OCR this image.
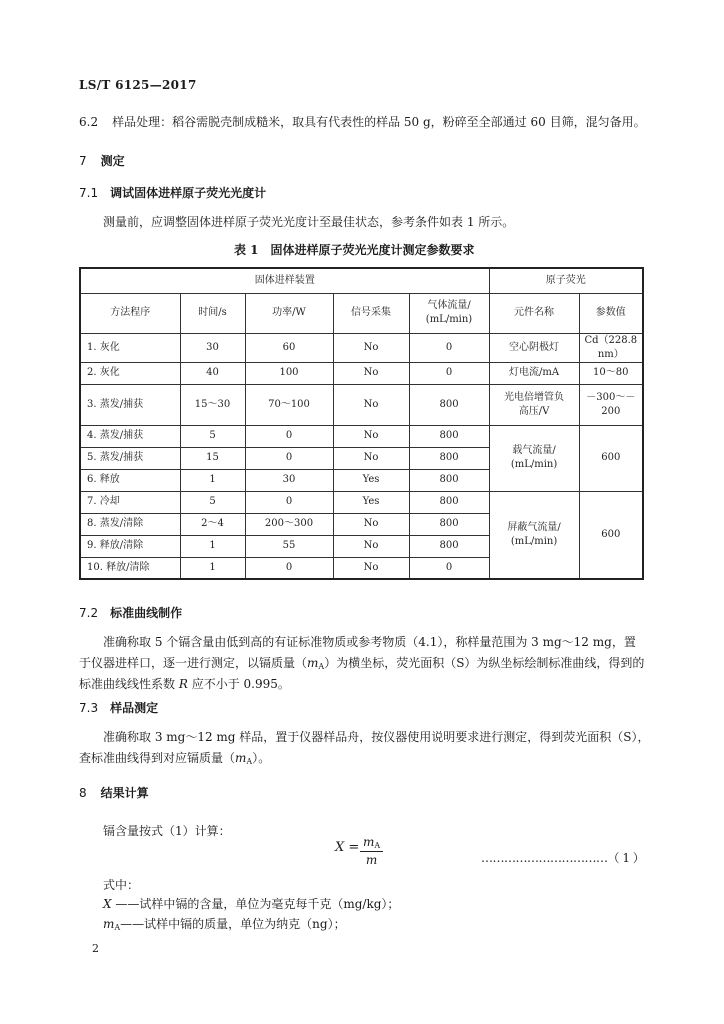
LS/T 6125—2017
6.2 样品处理：稻谷需脱壳制成糙米，取具有代表性的样品 50 g，粉碎至全部通过 60 目筛，混匀备用。
7 测定
7.1 调试固体进样原子荧光光度计
测量前，应调整固体进样原子荧光光度计至最佳状态，参考条件如表 1 所示。
表 1　固体进样原子荧光光度计测定参数要求
固体进样装置					原子荧光	
方法程序	时间/s	功率/W	信号采集	气体流量/
(mL/min)	元件名称	参数值
1. 灰化	30	60	No	0	空心阴极灯	Cd（228.8 nm）
2. 灰化	40	100	No	0	灯电流/mA	10～80
3. 蒸发/捕获	15～30	70～100	No	800	光电倍增管负
高压/V	－300～－200
4. 蒸发/捕获	5	0	No	800	载气流量/
(mL/min)	600
5. 蒸发/捕获	15	0	No	800		
6. 释放	1	30	Yes	800		
7. 冷却	5	0	Yes	800	屏蔽气流量/
(mL/min)	600
8. 蒸发/清除	2～4	200～300	No	800		
9. 释放/清除	1	55	No	800		
10. 释放/清除	1	0	No	0		
7.2 标准曲线制作
准确称取 5 个镉含量由低到高的有证标准物质或参考物质（4.1），称样量范围为 3 mg～12 mg，置
于仪器进样口，逐一进行测定，以镉质量$(m_A)$为横坐标，荧光面积（S）为纵坐标绘制标准曲线，得到的
标准曲线线性系数 R 应不小于 0.995。
7.3 样品测定
准确称取 3 mg～12 mg 样品，置于仪器样品舟，按仪器使用说明要求进行测定，得到荧光面积（S），
查标准曲线得到对应镉质量$(m_A)$。
8 结果计算
镉含量按式（1）计算：
$X = \frac{m_A}{m}$	……………………………（ 1 ）
式中：
X ——试样中镉的含量，单位为毫克每千克（mg/kg）；
$m_A——$试样中镉的质量，单位为纳克（ng）；
2
